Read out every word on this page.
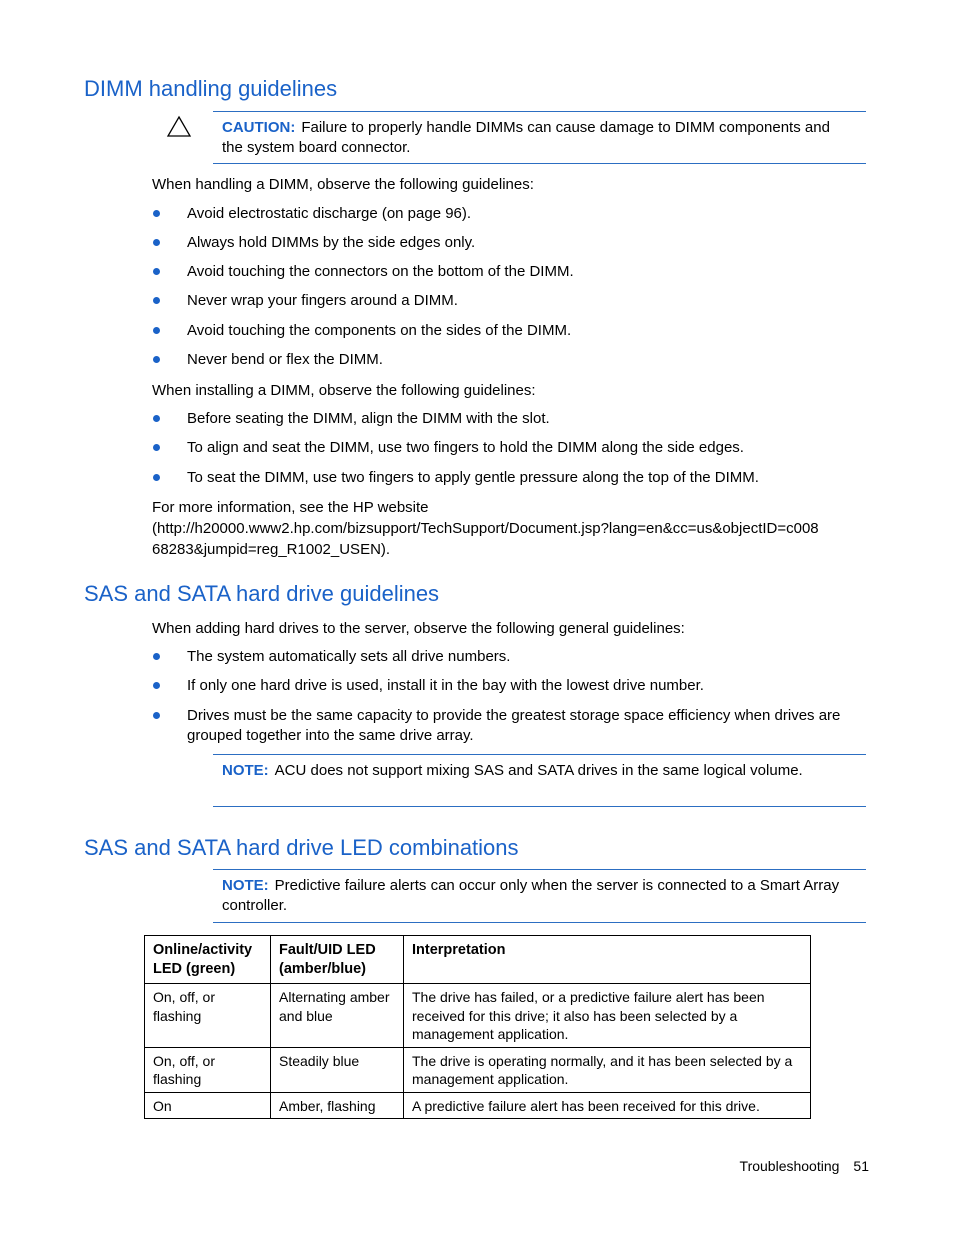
DIMM handling guidelines
CAUTION: Failure to properly handle DIMMs can cause damage to DIMM components and the system board connector.

When handling a DIMM, observe the following guidelines:

Avoid electrostatic discharge (on page 96).
Always hold DIMMs by the side edges only.
Avoid touching the connectors on the bottom of the DIMM.
Never wrap your fingers around a DIMM.
Avoid touching the components on the sides of the DIMM.
Never bend or flex the DIMM.

When installing a DIMM, observe the following guidelines:

Before seating the DIMM, align the DIMM with the slot.
To align and seat the DIMM, use two fingers to hold the DIMM along the side edges.
To seat the DIMM, use two fingers to apply gentle pressure along the top of the DIMM.

For more information, see the HP website
(http://h20000.www2.hp.com/bizsupport/TechSupport/Document.jsp?lang=en&cc=us&objectID=c008
68283&jumpid=reg_R1002_USEN).

SAS and SATA hard drive guidelines

When adding hard drives to the server, observe the following general guidelines:

The system automatically sets all drive numbers.
If only one hard drive is used, install it in the bay with the lowest drive number.
Drives must be the same capacity to provide the greatest storage space efficiency when drives are grouped together into the same drive array.
NOTE: ACU does not support mixing SAS and SATA drives in the same logical volume.
SAS and SATA hard drive LED combinations
NOTE: Predictive failure alerts can occur only when the server is connected to a Smart Array controller.
Online/activity LED (green)	Fault/UID LED (amber/blue)	Interpretation
On, off, or flashing	Alternating amber and blue	The drive has failed, or a predictive failure alert has been received for this drive; it also has been selected by a management application.
On, off, or flashing	Steadily blue	The drive is operating normally, and it has been selected by a management application.
On	Amber, flashing	A predictive failure alert has been received for this drive.
Troubleshooting 51
